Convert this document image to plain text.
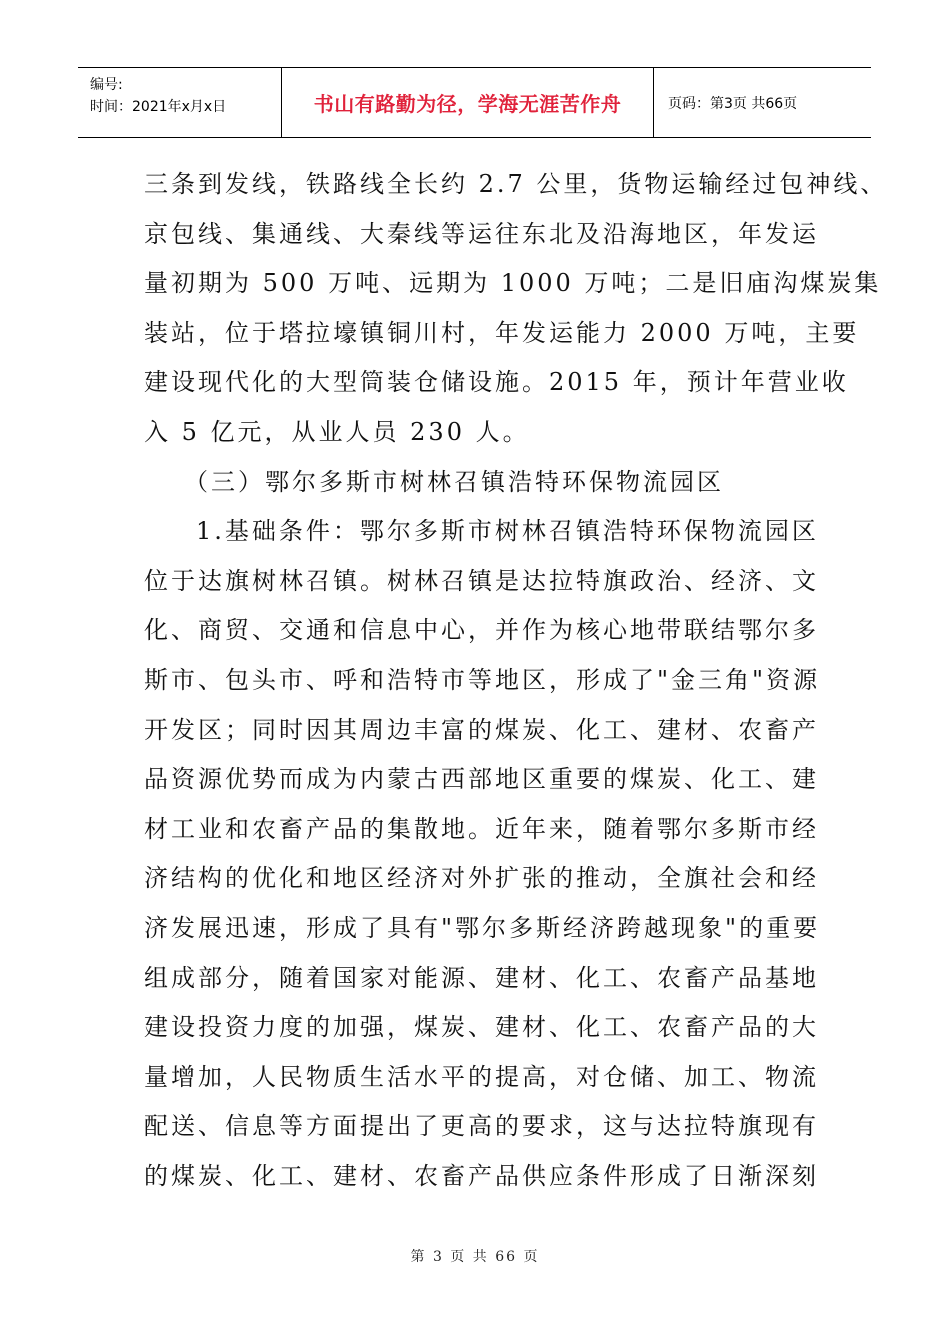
编号:
时间：2021年x月x日	书山有路勤为径，学海无涯苦作舟	页码：第3页 共66页

三条到发线，铁路线全长约 2.7 公里，货物运输经过包神线、

京包线、集通线、大秦线等运往东北及沿海地区，年发运

量初期为 500 万吨、远期为 1000 万吨；二是旧庙沟煤炭集

装站，位于塔拉壕镇铜川村，年发运能力 2000 万吨，主要

建设现代化的大型筒装仓储设施。2015 年，预计年营业收

入 5 亿元，从业人员 230 人。

（三）鄂尔多斯市树林召镇浩特环保物流园区

1.基础条件：鄂尔多斯市树林召镇浩特环保物流园区

位于达旗树林召镇。树林召镇是达拉特旗政治、经济、文

化、商贸、交通和信息中心，并作为核心地带联结鄂尔多

斯市、包头市、呼和浩特市等地区，形成了"金三角"资源

开发区；同时因其周边丰富的煤炭、化工、建材、农畜产

品资源优势而成为内蒙古西部地区重要的煤炭、化工、建

材工业和农畜产品的集散地。近年来，随着鄂尔多斯市经

济结构的优化和地区经济对外扩张的推动，全旗社会和经

济发展迅速，形成了具有"鄂尔多斯经济跨越现象"的重要

组成部分，随着国家对能源、建材、化工、农畜产品基地

建设投资力度的加强，煤炭、建材、化工、农畜产品的大

量增加，人民物质生活水平的提高，对仓储、加工、物流

配送、信息等方面提出了更高的要求，这与达拉特旗现有

的煤炭、化工、建材、农畜产品供应条件形成了日渐深刻

第 3 页 共 66 页
